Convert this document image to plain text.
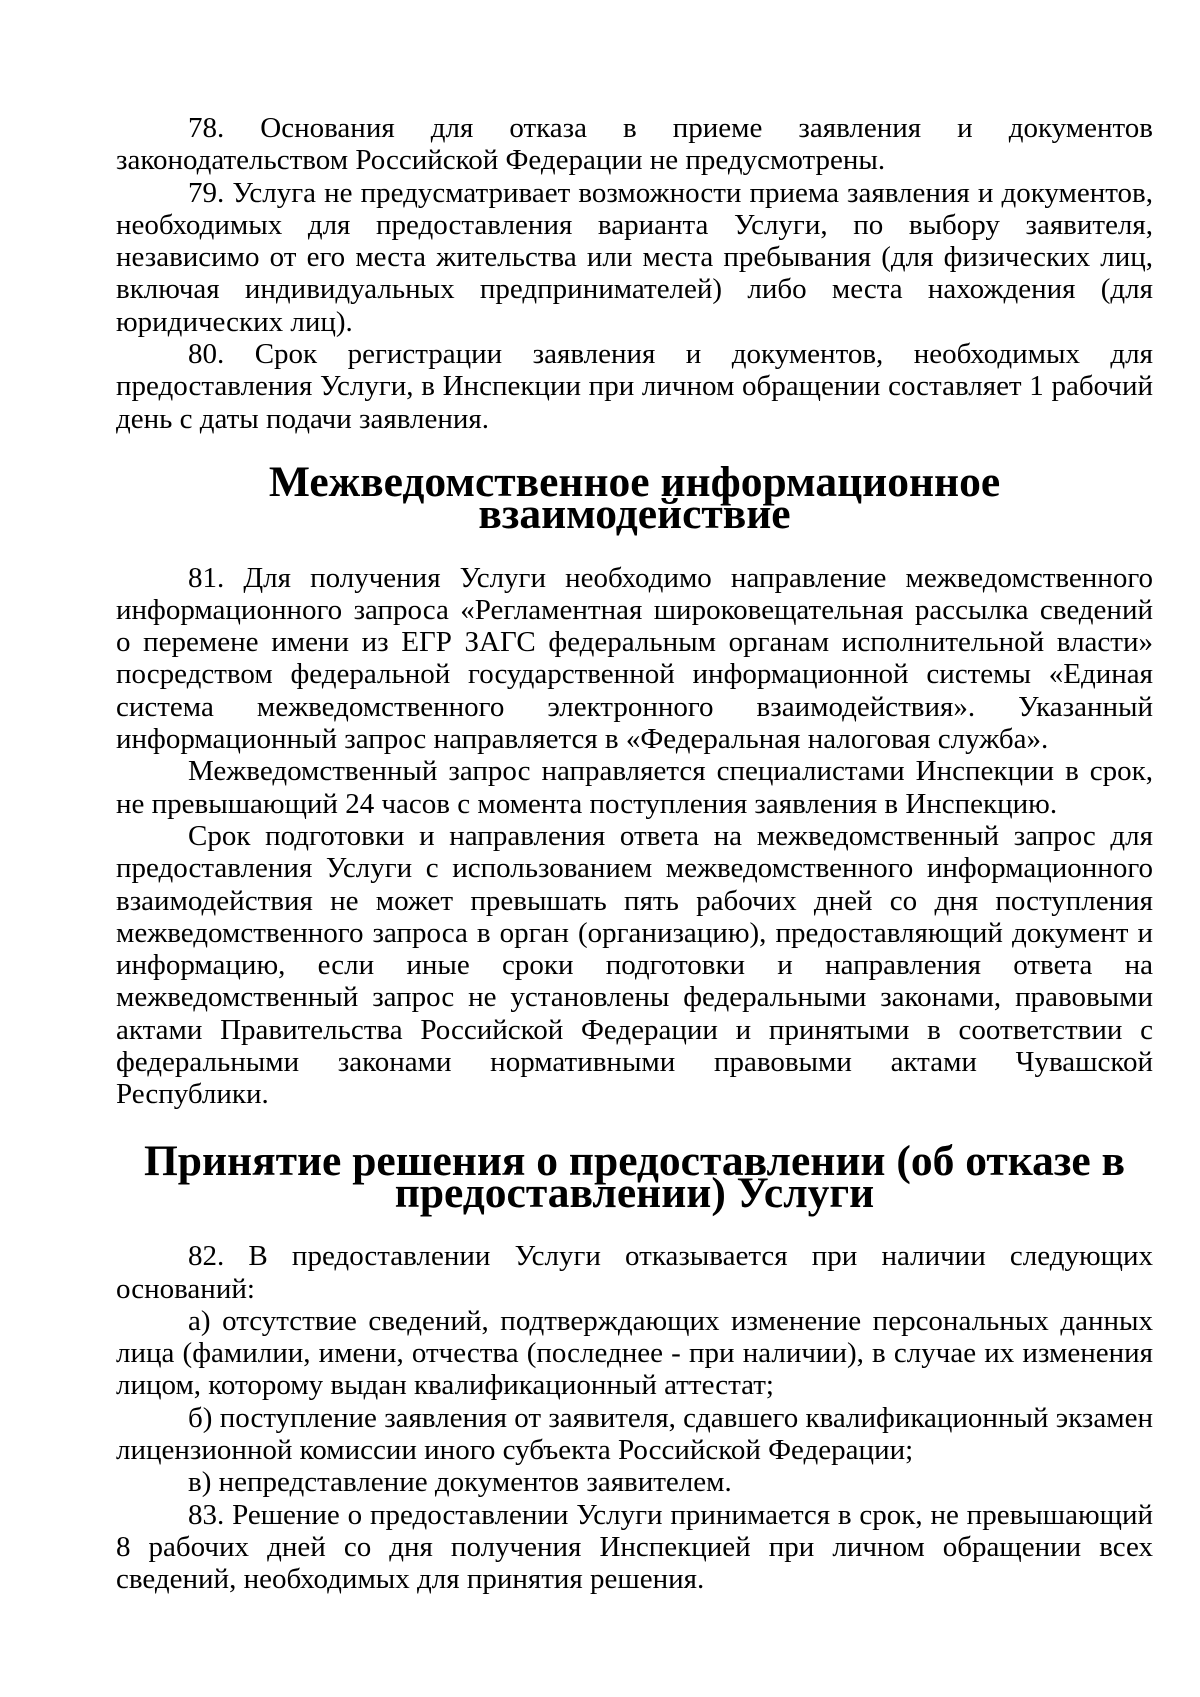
78. Основания для отказа в приеме заявления и документов законодательством Российской Федерации не предусмотрены.

79. Услуга не предусматривает возможности приема заявления и документов, необходимых для предоставления варианта Услуги, по выбору заявителя, независимо от его места жительства или места пребывания (для физических лиц, включая индивидуальных предпринимателей) либо места нахождения (для юридических лиц).

80. Срок регистрации заявления и документов, необходимых для предоставления Услуги, в Инспекции при личном обращении составляет 1 рабочий день с даты подачи заявления.

Межведомственное информационное взаимодействие

81. Для получения Услуги необходимо направление межведомственного информационного запроса «Регламентная широковещательная рассылка сведений о перемене имени из ЕГР ЗАГС федеральным органам исполнительной власти» посредством федеральной государственной информационной системы «Единая система межведомственного электронного взаимодействия». Указанный информационный запрос направляется в «Федеральная налоговая служба».

Межведомственный запрос направляется специалистами Инспекции в срок, не превышающий 24 часов с момента поступления заявления в Инспекцию.

Срок подготовки и направления ответа на межведомственный запрос для предоставления Услуги с использованием межведомственного информационного взаимодействия не может превышать пять рабочих дней со дня поступления межведомственного запроса в орган (организацию), предоставляющий документ и информацию, если иные сроки подготовки и направления ответа на межведомственный запрос не установлены федеральными законами, правовыми актами Правительства Российской Федерации и принятыми в соответствии с федеральными законами нормативными правовыми актами Чувашской Республики.

Принятие решения о предоставлении (об отказе в предоставлении) Услуги

82. В предоставлении Услуги отказывается при наличии следующих оснований:

а) отсутствие сведений, подтверждающих изменение персональных данных лица (фамилии, имени, отчества (последнее - при наличии), в случае их изменения лицом, которому выдан квалификационный аттестат;

б) поступление заявления от заявителя, сдавшего квалификационный экзамен лицензионной комиссии иного субъекта Российской Федерации;

в) непредставление документов заявителем.

83. Решение о предоставлении Услуги принимается в срок, не превышающий 8 рабочих дней со дня получения Инспекцией при личном обращении всех сведений, необходимых для принятия решения.
